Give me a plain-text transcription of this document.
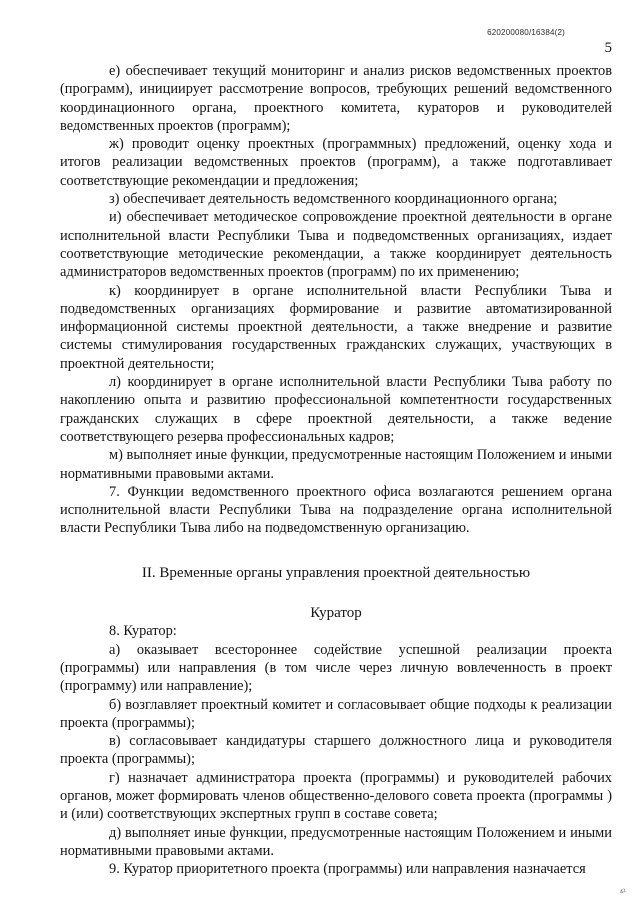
620200080/16384(2)
5

е) обеспечивает текущий мониторинг и анализ рисков ведомственных проектов (программ), инициирует рассмотрение вопросов, требующих решений ведомственного координационного органа, проектного комитета, кураторов и руководителей ведомственных проектов (программ);

ж) проводит оценку проектных (программных) предложений, оценку хода и итогов реализации ведомственных проектов (программ), а также подготавливает соответствующие рекомендации и предложения;

з) обеспечивает деятельность ведомственного координационного органа;

и) обеспечивает методическое сопровождение проектной деятельности в органе исполнительной власти Республики Тыва и подведомственных организациях, издает соответствующие методические рекомендации, а также координирует деятельность администраторов ведомственных проектов (программ) по их применению;

к) координирует в органе исполнительной власти Республики Тыва и подведомственных организациях формирование и развитие автоматизированной информационной системы проектной деятельности, а также внедрение и развитие системы стимулирования государственных гражданских служащих, участвующих в проектной деятельности;

л) координирует в органе исполнительной власти Республики Тыва работу по накоплению опыта и развитию профессиональной компетентности государственных гражданских служащих в сфере проектной деятельности, а также ведение соответствующего резерва профессиональных кадров;

м) выполняет иные функции, предусмотренные настоящим Положением и иными нормативными правовыми актами.

7. Функции ведомственного проектного офиса возлагаются решением органа исполнительной власти Республики Тыва на подразделение органа исполнительной власти Республики Тыва либо на подведомственную организацию.

II. Временные органы управления проектной деятельностью

Куратор

8. Куратор:

а) оказывает всестороннее содействие успешной реализации проекта (программы) или направления (в том числе через личную вовлеченность в проект (программу) или направление);

б) возглавляет проектный комитет и согласовывает общие подходы к реализации проекта (программы);

в) согласовывает кандидатуры старшего должностного лица и руководителя проекта (программы);

г) назначает администратора проекта (программы) и руководителей рабочих органов, может формировать членов общественно-делового совета проекта (программы ) и (или) соответствующих экспертных групп в составе совета;

д) выполняет иные функции, предусмотренные настоящим Положением и иными нормативными правовыми актами.

9. Куратор приоритетного проекта (программы) или направления назначается

⁴²
